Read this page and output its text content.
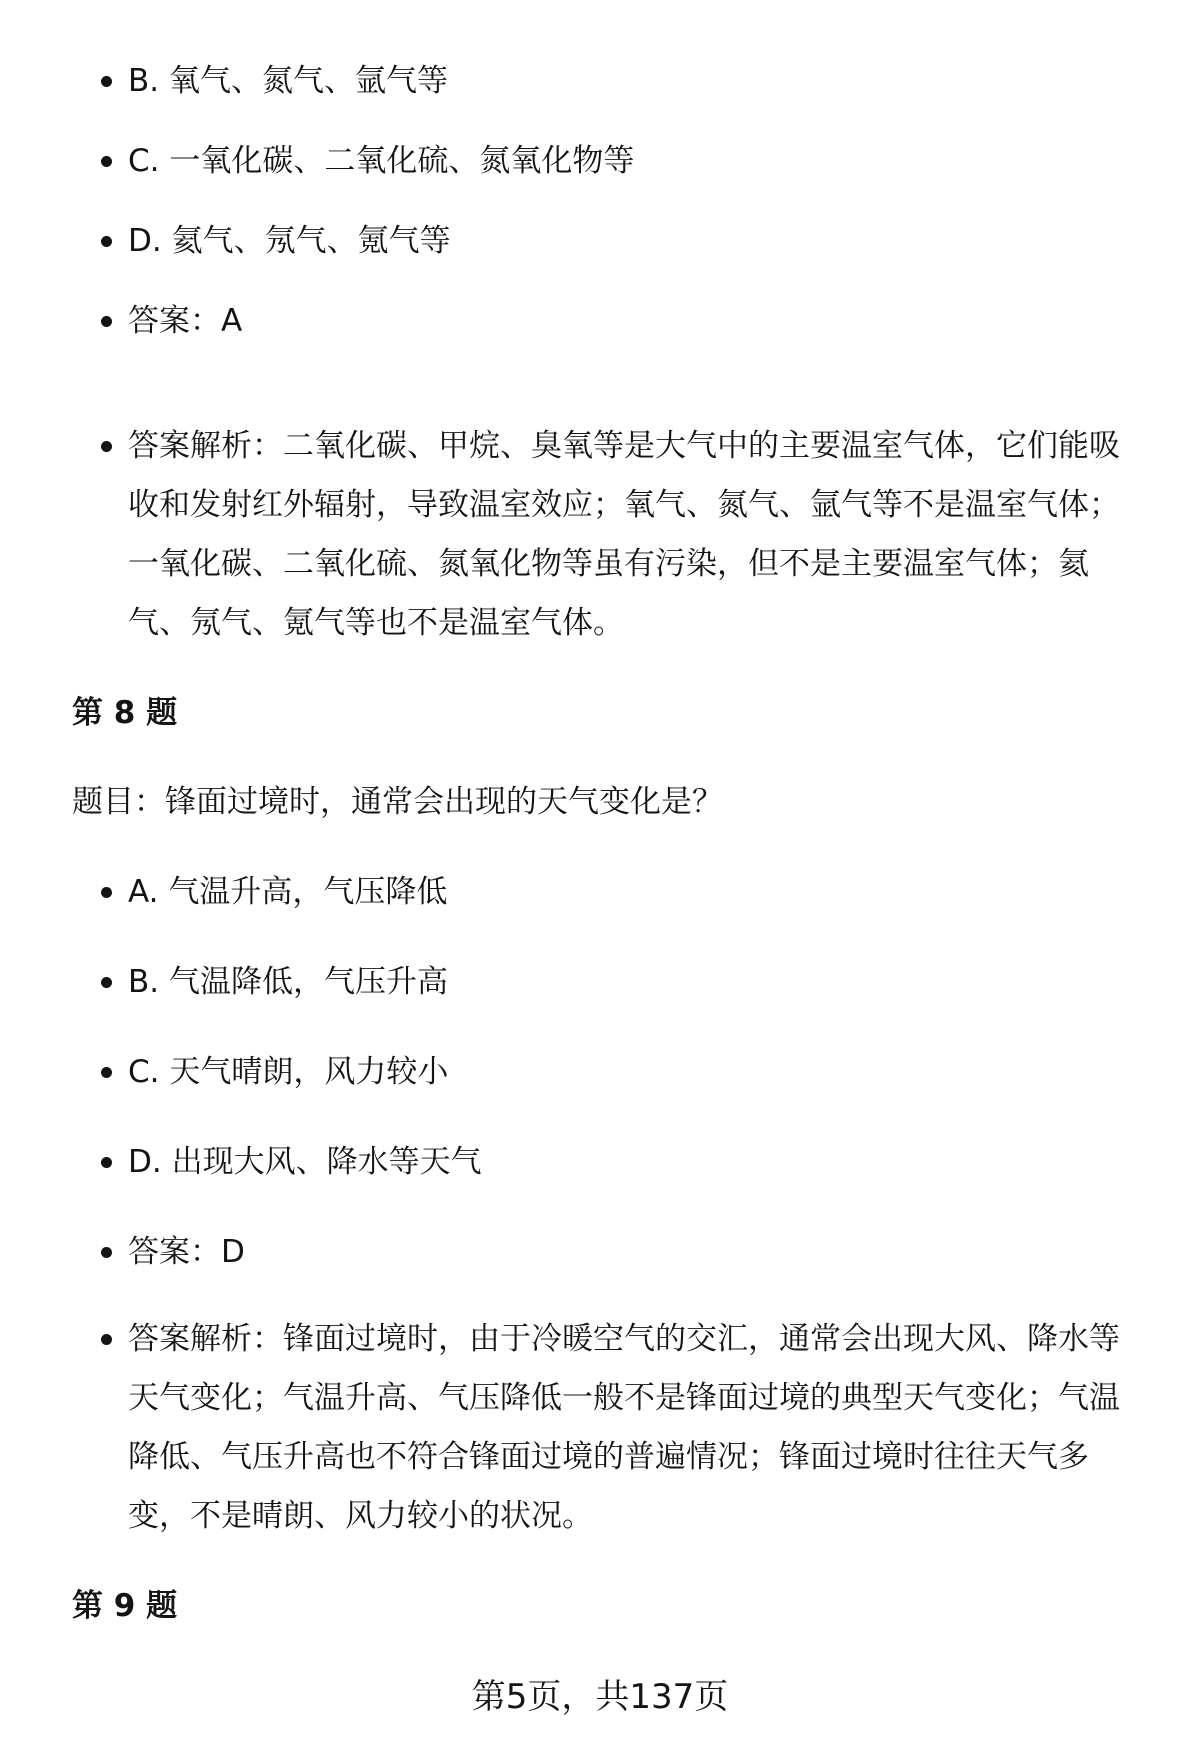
B. 氧气、氮气、氩气等
C. 一氧化碳、二氧化硫、氮氧化物等
D. 氦气、氖气、氪气等
答案：A
答案解析：二氧化碳、甲烷、臭氧等是大气中的主要温室气体，它们能吸收和发射红外辐射，导致温室效应；氧气、氮气、氩气等不是温室气体；一氧化碳、二氧化硫、氮氧化物等虽有污染，但不是主要温室气体；氦气、氖气、氪气等也不是温室气体。
第 8 题
题目：锋面过境时，通常会出现的天气变化是？
A. 气温升高，气压降低
B. 气温降低，气压升高
C. 天气晴朗，风力较小
D. 出现大风、降水等天气
答案：D
答案解析：锋面过境时，由于冷暖空气的交汇，通常会出现大风、降水等天气变化；气温升高、气压降低一般不是锋面过境的典型天气变化；气温降低、气压升高也不符合锋面过境的普遍情况；锋面过境时往往天气多变，不是晴朗、风力较小的状况。
第 9 题
第5页，共137页
